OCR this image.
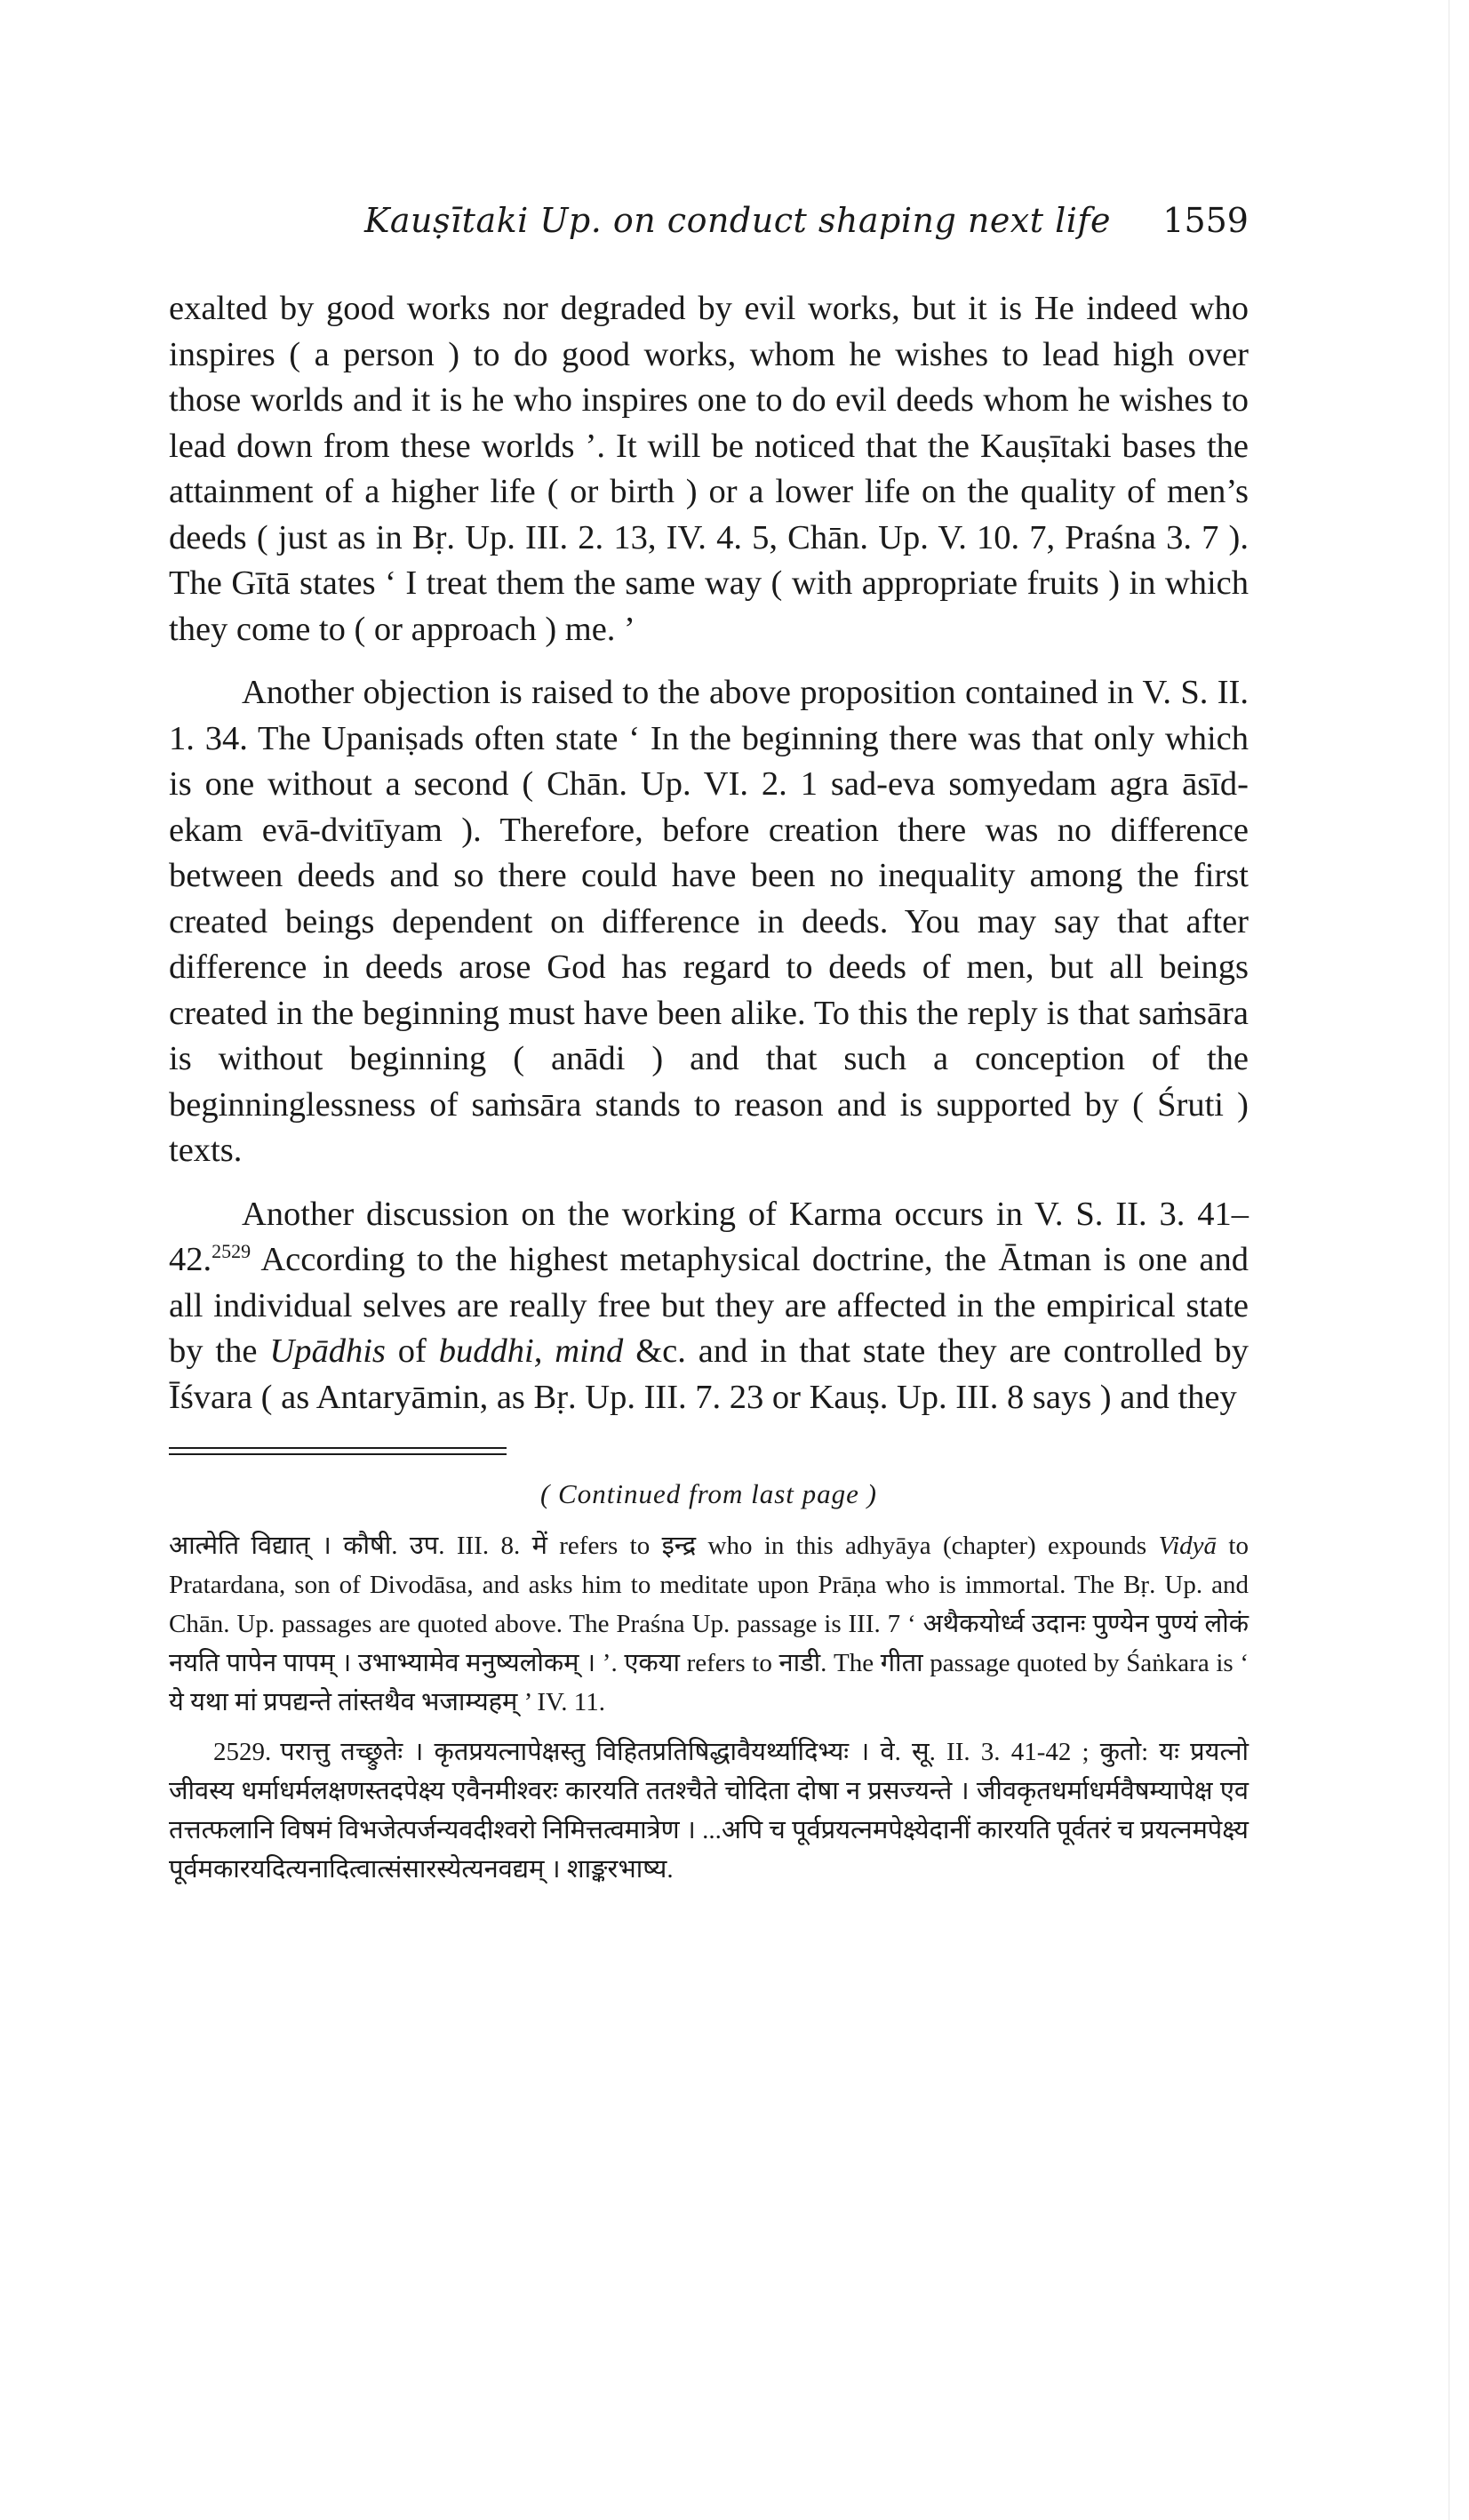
Kauṣītaki Up. on conduct shaping next life 1559

exalted by good works nor degraded by evil works, but it is He indeed who inspires ( a person ) to do good works, whom he wishes to lead high over those worlds and it is he who inspires one to do evil deeds whom he wishes to lead down from these worlds ’. It will be noticed that the Kauṣītaki bases the attainment of a higher life ( or birth ) or a lower life on the quality of men’s deeds ( just as in Bṛ. Up. III. 2. 13, IV. 4. 5, Chān. Up. V. 10. 7, Praśna 3. 7 ). The Gītā states ‘ I treat them the same way ( with appropriate fruits ) in which they come to ( or approach ) me. ’

Another objection is raised to the above proposition contained in V. S. II. 1. 34. The Upaniṣads often state ‘ In the beginning there was that only which is one without a second ( Chān. Up. VI. 2. 1 sad-eva somyedam agra āsīd-ekam evā-dvitīyam ). Therefore, before creation there was no difference between deeds and so there could have been no inequality among the first created beings dependent on difference in deeds. You may say that after difference in deeds arose God has regard to deeds of men, but all beings created in the beginning must have been alike. To this the reply is that saṁsāra is without beginning ( anādi ) and that such a conception of the beginninglessness of saṁsāra stands to reason and is supported by ( Śruti ) texts.

Another discussion on the working of Karma occurs in V. S. II. 3. 41–42.$^{2529}$ According to the highest metaphysical doctrine, the Ātman is one and all individual selves are really free but they are affected in the empirical state by the Upādhis of buddhi, mind &c. and in that state they are controlled by Īśvara ( as Antaryāmin, as Bṛ. Up. III. 7. 23 or Kauṣ. Up. III. 8 says ) and they

( Continued from last page )

आत्मेति विद्यात् । कौषी. उप. III. 8. में refers to इन्द्र who in this adhyāya (chapter) expounds Vidyā to Pratardana, son of Divodāsa, and asks him to meditate upon Prāṇa who is immortal. The Bṛ. Up. and Chān. Up. passages are quoted above. The Praśna Up. passage is III. 7 ‘ अथैकयोर्ध्व उदानः पुण्येन पुण्यं लोकं नयति पापेन पापम् । उभाभ्यामेव मनुष्यलोकम् । ’. एकया refers to नाडी. The गीता passage quoted by Śaṅkara is ‘ ये यथा मां प्रपद्यन्ते तांस्तथैव भजाम्यहम् ’ IV. 11.

2529. परात्तु तच्छ्रुतेः । कृतप्रयत्नापेक्षस्तु विहितप्रतिषिद्धावैयर्थ्यादिभ्यः । वे. सू. II. 3. 41-42 ; कुतो: यः प्रयत्नो जीवस्य धर्माधर्मलक्षणस्तदपेक्ष्य एवैनमीश्वरः कारयति ततश्चैते चोदिता दोषा न प्रसज्यन्ते । जीवकृतधर्माधर्मवैषम्यापेक्ष एव तत्तत्फलानि विषमं विभजेत्पर्जन्यवदीश्वरो निमित्तत्वमात्रेण । ...अपि च पूर्वप्रयत्नमपेक्ष्येदानीं कारयति पूर्वतरं च प्रयत्नमपेक्ष्य पूर्वमकारयदित्यनादित्वात्संसारस्येत्यनवद्यम् । शाङ्करभाष्य.
